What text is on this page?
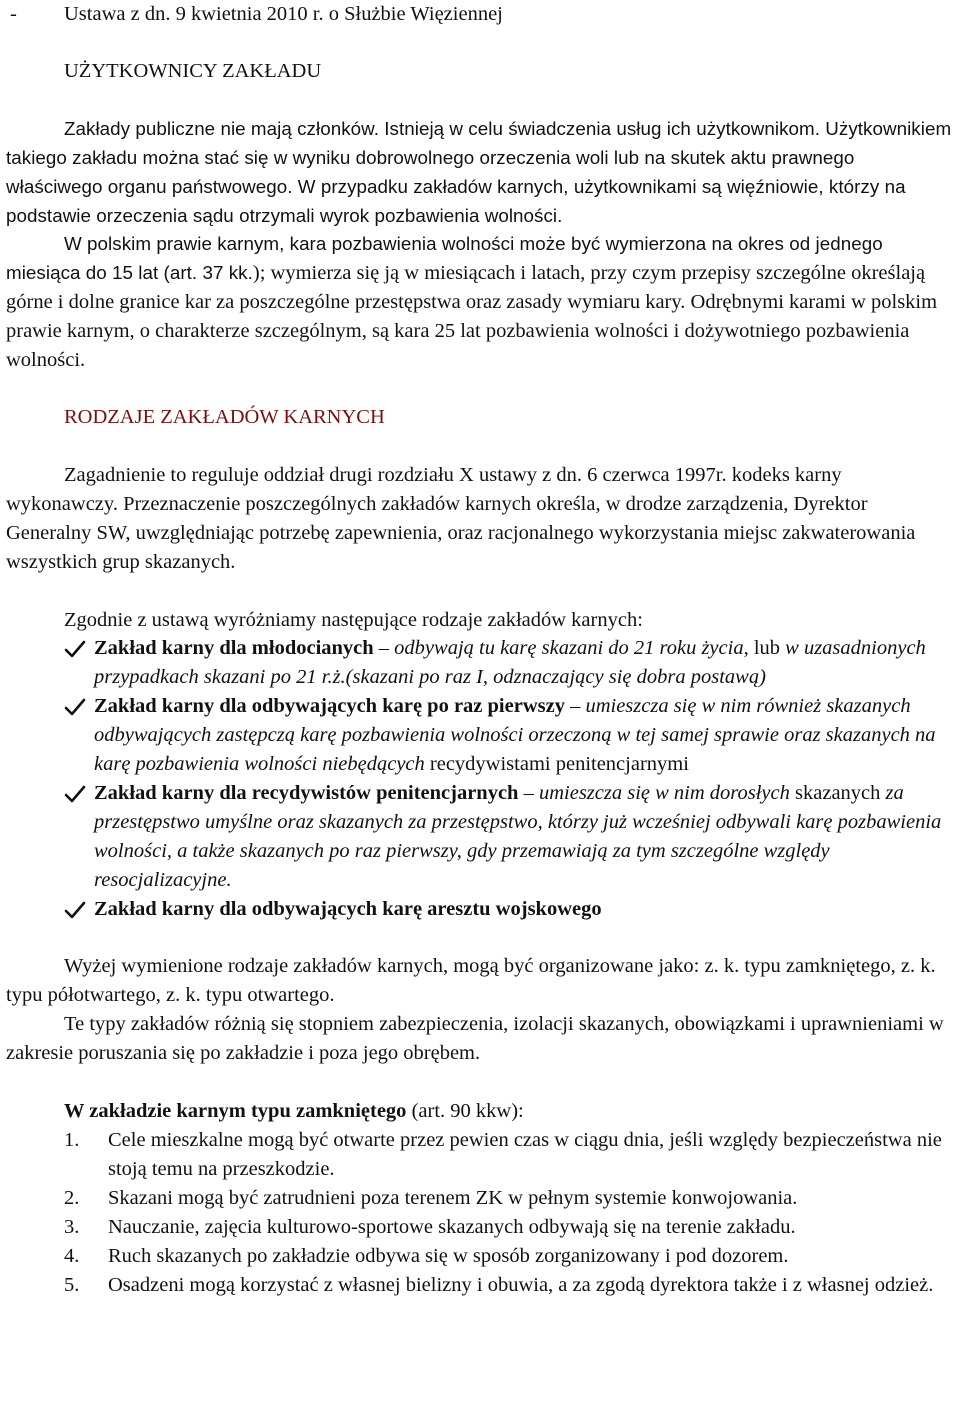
- Ustawa z dn. 9 kwietnia 2010 r. o Służbie Więziennej
UŻYTKOWNICY ZAKŁADU

Zakłady publiczne nie mają członków. Istnieją w celu świadczenia usług ich użytkownikom. Użytkownikiem takiego zakładu można stać się w wyniku dobrowolnego orzeczenia woli lub na skutek aktu prawnego właściwego organu państwowego. W przypadku zakładów karnych, użytkownikami są więźniowie, którzy na podstawie orzeczenia sądu otrzymali wyrok pozbawienia wolności.

W polskim prawie karnym, kara pozbawienia wolności może być wymierzona na okres od jednego miesiąca do 15 lat (art. 37 kk.); wymierza się ją w miesiącach i latach, przy czym przepisy szczególne określają górne i dolne granice kar za poszczególne przestępstwa oraz zasady wymiaru kary. Odrębnymi karami w polskim prawie karnym, o charakterze szczególnym, są kara 25 lat pozbawienia wolności i dożywotniego pozbawienia wolności.

RODZAJE ZAKŁADÓW KARNYCH

Zagadnienie to reguluje oddział drugi rozdziału X ustawy z dn. 6 czerwca 1997r. kodeks karny wykonawczy. Przeznaczenie poszczególnych zakładów karnych określa, w drodze zarządzenia, Dyrektor Generalny SW, uwzględniając potrzebę zapewnienia, oraz racjonalnego wykorzystania miejsc zakwaterowania wszystkich grup skazanych.

Zgodnie z ustawą wyróżniamy następujące rodzaje zakładów karnych:

Zakład karny dla młodocianych – odbywają tu karę skazani do 21 roku życia, lub w uzasadnionych przypadkach skazani po 21 r.ż.(skazani po raz I, odznaczający się dobra postawą)
Zakład karny dla odbywających karę po raz pierwszy – umieszcza się w nim również skazanych odbywających zastępczą karę pozbawienia wolności orzeczoną w tej samej sprawie oraz skazanych na karę pozbawienia wolności niebędących recydywistami penitencjarnymi
Zakład karny dla recydywistów penitencjarnych – umieszcza się w nim dorosłych skazanych za przestępstwo umyślne oraz skazanych za przestępstwo, którzy już wcześniej odbywali karę pozbawienia wolności, a także skazanych po raz pierwszy, gdy przemawiają za tym szczególne względy resocjalizacyjne.
Zakład karny dla odbywających karę aresztu wojskowego

Wyżej wymienione rodzaje zakładów karnych, mogą być organizowane jako: z. k. typu zamkniętego, z. k. typu półotwartego, z. k. typu otwartego.

Te typy zakładów różnią się stopniem zabezpieczenia, izolacji skazanych, obowiązkami i uprawnieniami w zakresie poruszania się po zakładzie i poza jego obrębem.

W zakładzie karnym typu zamkniętego (art. 90 kkw):
1. Cele mieszkalne mogą być otwarte przez pewien czas w ciągu dnia, jeśli względy bezpieczeństwa nie stoją temu na przeszkodzie.
2. Skazani mogą być zatrudnieni poza terenem ZK w pełnym systemie konwojowania.
3. Nauczanie, zajęcia kulturowo-sportowe skazanych odbywają się na terenie zakładu.
4. Ruch skazanych po zakładzie odbywa się w sposób zorganizowany i pod dozorem.
5. Osadzeni mogą korzystać z własnej bielizny i obuwia, a za zgodą dyrektora także i z własnej odzież.
